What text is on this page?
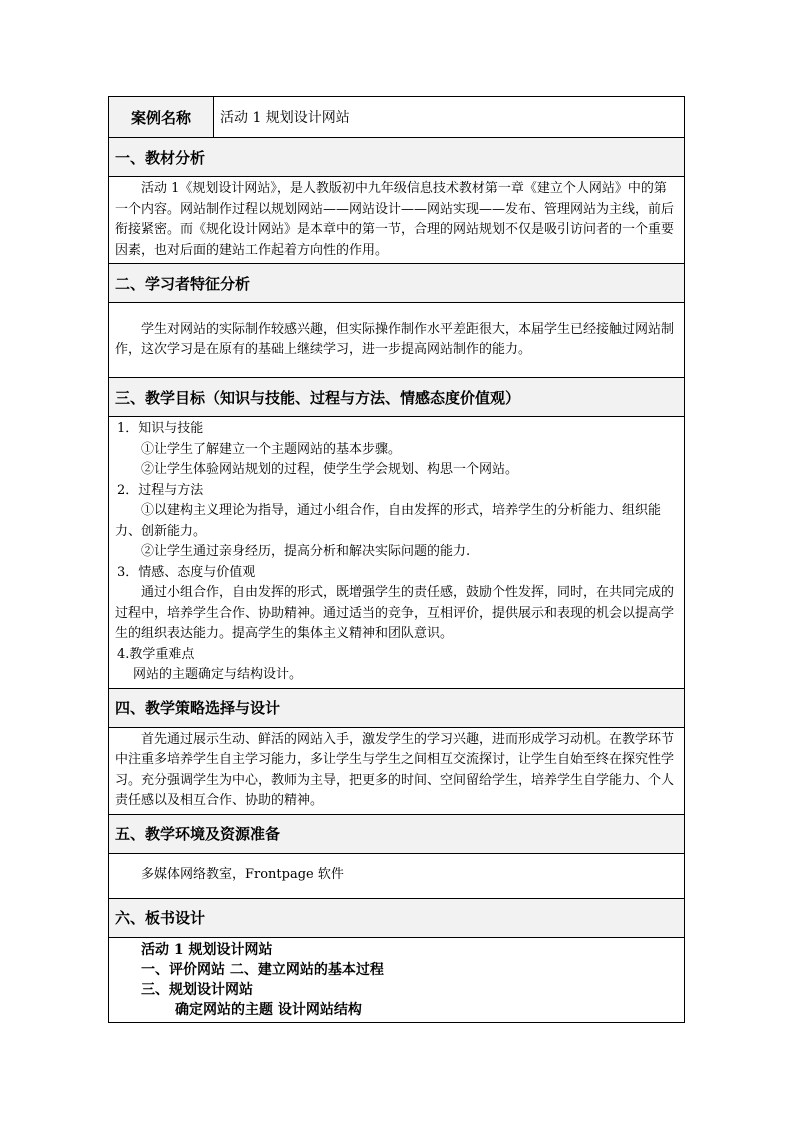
案例名称	活动 1 规划设计网站
一、教材分析

活动 1《规划设计网站》，是人教版初中九年级信息技术教材第一章《建立个人网站》中的第一个内容。网站制作过程以规划网站——网站设计——网站实现——发布、管理网站为主线，前后衔接紧密。而《规化设计网站》是本章中的第一节，合理的网站规划不仅是吸引访问者的一个重要因素，也对后面的建站工作起着方向性的作用。

二、学习者特征分析

学生对网站的实际制作较感兴趣，但实际操作制作水平差距很大，本届学生已经接触过网站制作，这次学习是在原有的基础上继续学习，进一步提高网站制作的能力。

三、教学目标（知识与技能、过程与方法、情感态度价值观）

1．知识与技能

①让学生了解建立一个主题网站的基本步骤。

②让学生体验网站规划的过程，使学生学会规划、构思一个网站。

2．过程与方法

①以建构主义理论为指导，通过小组合作，自由发挥的形式，培养学生的分析能力、组织能力、创新能力。

②让学生通过亲身经历，提高分析和解决实际问题的能力.

3．情感、态度与价值观

通过小组合作，自由发挥的形式，既增强学生的责任感，鼓励个性发挥，同时，在共同完成的过程中，培养学生合作、协助精神。通过适当的竞争，互相评价，提供展示和表现的机会以提高学生的组织表达能力。提高学生的集体主义精神和团队意识。

4.教学重难点

网站的主题确定与结构设计。

四、教学策略选择与设计

首先通过展示生动、鲜活的网站入手，激发学生的学习兴趣，进而形成学习动机。在教学环节中注重多培养学生自主学习能力，多让学生与学生之间相互交流探讨，让学生自始至终在探究性学习。充分强调学生为中心，教师为主导，把更多的时间、空间留给学生，培养学生自学能力、个人责任感以及相互合作、协助的精神。

五、教学环境及资源准备

多媒体网络教室，Frontpage 软件

六、板书设计

活动 1 规划设计网站

一、评价网站 二、建立网站的基本过程

三、规划设计网站

确定网站的主题 设计网站结构
